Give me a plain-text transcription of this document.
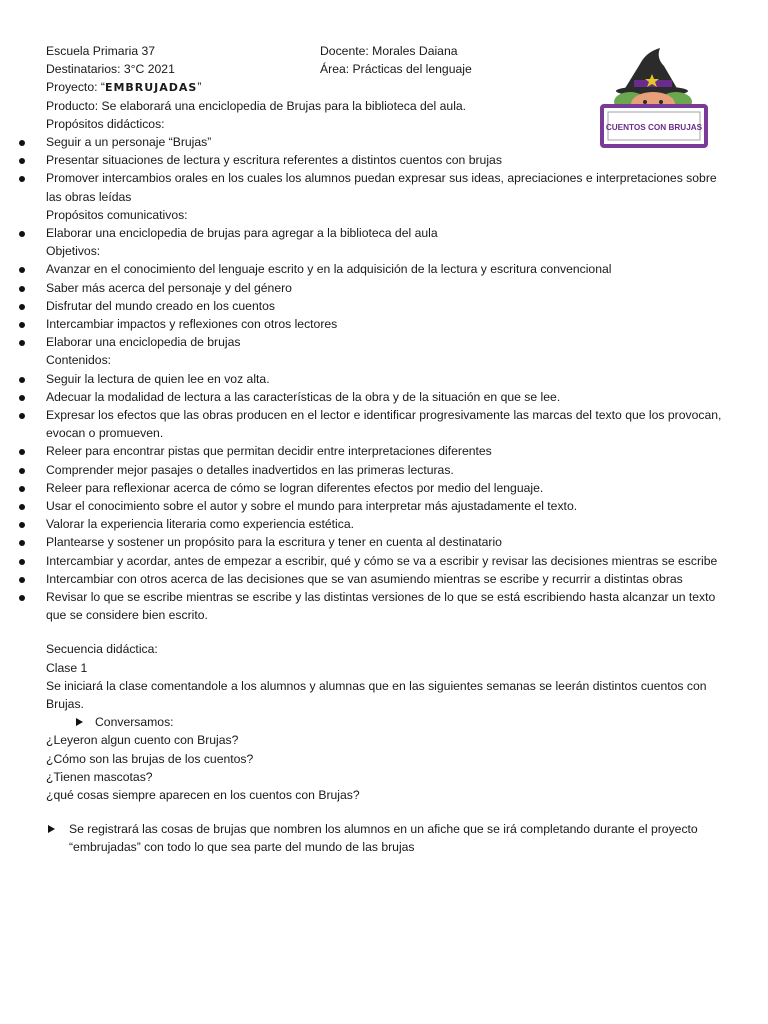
Escuela Primaria 37	Docente: Morales Daiana
Destinatarios: 3°C 2021	Área: Prácticas del lenguaje
Proyecto: “EMBRUJADAS”
Producto: Se elaborará una enciclopedia de Brujas para la biblioteca del aula.
Propósitos didácticos:
Seguir a un personaje “Brujas”
Presentar situaciones de lectura y escritura referentes a distintos cuentos con brujas
Promover intercambios orales en los cuales los alumnos puedan expresar sus ideas, apreciaciones e interpretaciones sobre las obras leídas
Propósitos comunicativos:
Elaborar una enciclopedia de brujas para agregar a la biblioteca del aula
Objetivos:
Avanzar en el conocimiento del lenguaje escrito y en la adquisición de la lectura y escritura convencional
Saber más acerca del personaje y del género
Disfrutar del mundo creado en los cuentos
Intercambiar impactos y reflexiones con otros lectores
Elaborar una enciclopedia de brujas
Contenidos:
Seguir la lectura de quien lee en voz alta.
Adecuar la modalidad de lectura a las características de la obra y de la situación en que se lee.
Expresar los efectos que las obras producen en el lector e identificar progresivamente las marcas del texto que los provocan, evocan o promueven.
Releer para encontrar pistas que permitan decidir entre interpretaciones diferentes
Comprender mejor pasajes o detalles inadvertidos en las primeras lecturas.
Releer para reflexionar acerca de cómo se logran diferentes efectos por medio del lenguaje.
Usar el conocimiento sobre el autor y sobre el mundo para interpretar más ajustadamente el texto.
Valorar la experiencia literaria como experiencia estética.
Plantearse y sostener un propósito para la escritura y tener en cuenta al destinatario
Intercambiar y acordar, antes de empezar a escribir, qué y cómo se va a escribir y revisar las decisiones mientras se escribe
Intercambiar con otros acerca de las decisiones que se van asumiendo mientras se escribe y recurrir a distintas obras
Revisar lo que se escribe mientras se escribe y las distintas versiones de lo que se está escribiendo hasta alcanzar un texto que se considere bien escrito.
Secuencia didáctica:
Clase 1
Se iniciará la clase comentandole a los alumnos y alumnas que en las siguientes semanas se leerán distintos cuentos con Brujas.
Conversamos:
¿Leyeron algun cuento con Brujas?
¿Cómo son las brujas de los cuentos?
¿Tienen mascotas?
¿qué cosas siempre aparecen en los cuentos con Brujas?
Se registrará las cosas de brujas que nombren los alumnos en un afiche que se irá completando durante el proyecto “embrujadas” con todo lo que sea parte del mundo de las brujas
CUENTOS CON BRUJAS
